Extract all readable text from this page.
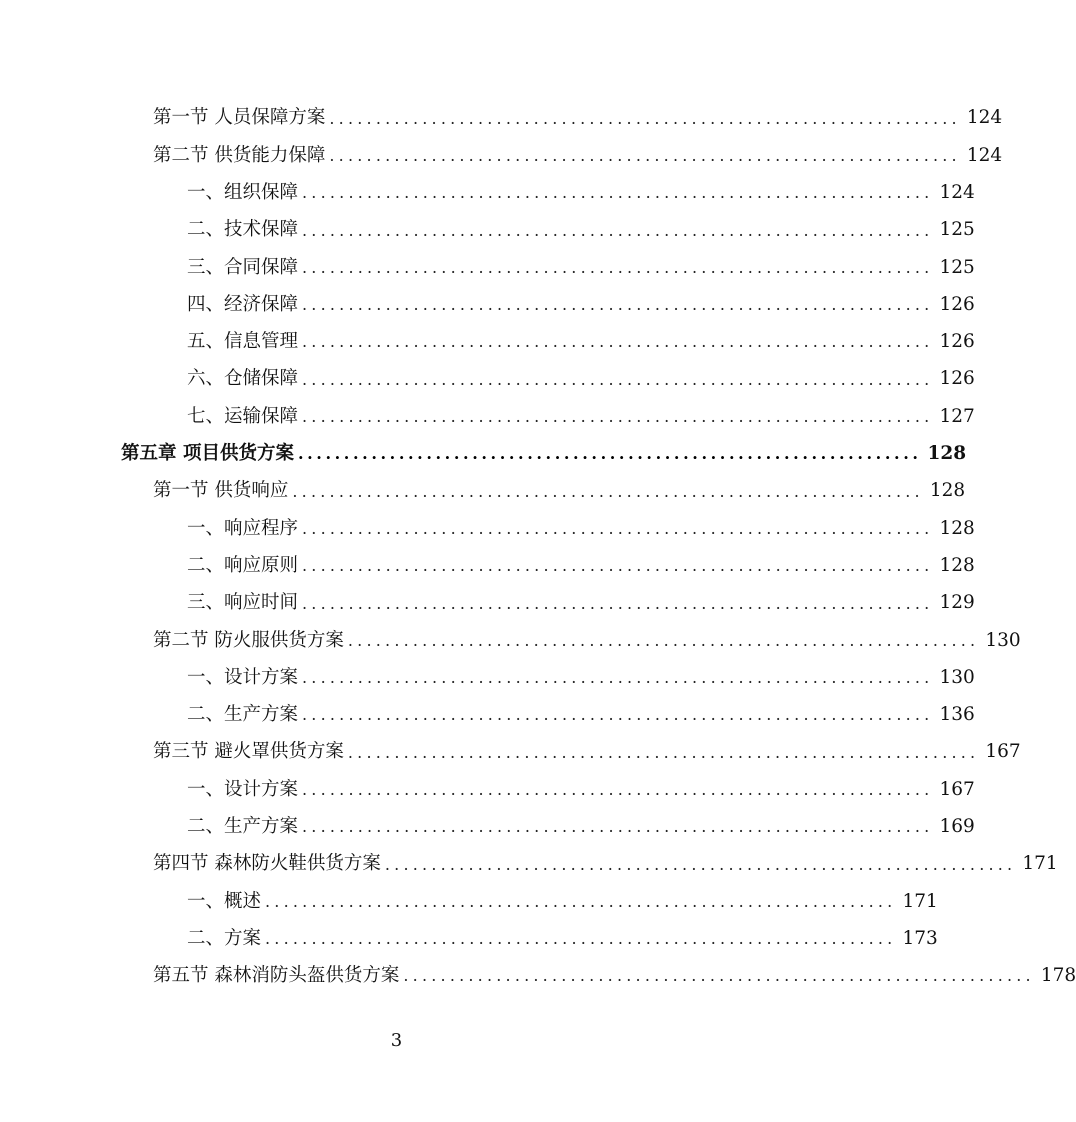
第一节 人员保障方案 .................................................................... 124
第二节 供货能力保障 .................................................................... 124
一、组织保障 .................................................................... 124
二、技术保障 .................................................................... 125
三、合同保障 .................................................................... 125
四、经济保障 .................................................................... 126
五、信息管理 .................................................................... 126
六、仓储保障 .................................................................... 126
七、运输保障 .................................................................... 127
第五章 项目供货方案 .................................................................... 128
第一节 供货响应 .................................................................... 128
一、响应程序 .................................................................... 128
二、响应原则 .................................................................... 128
三、响应时间 .................................................................... 129
第二节 防火服供货方案 .................................................................... 130
一、设计方案 .................................................................... 130
二、生产方案 .................................................................... 136
第三节 避火罩供货方案 .................................................................... 167
一、设计方案 .................................................................... 167
二、生产方案 .................................................................... 169
第四节 森林防火鞋供货方案 .................................................................... 171
一、概述 .................................................................... 171
二、方案 .................................................................... 173
第五节 森林消防头盔供货方案 .................................................................... 178
3
